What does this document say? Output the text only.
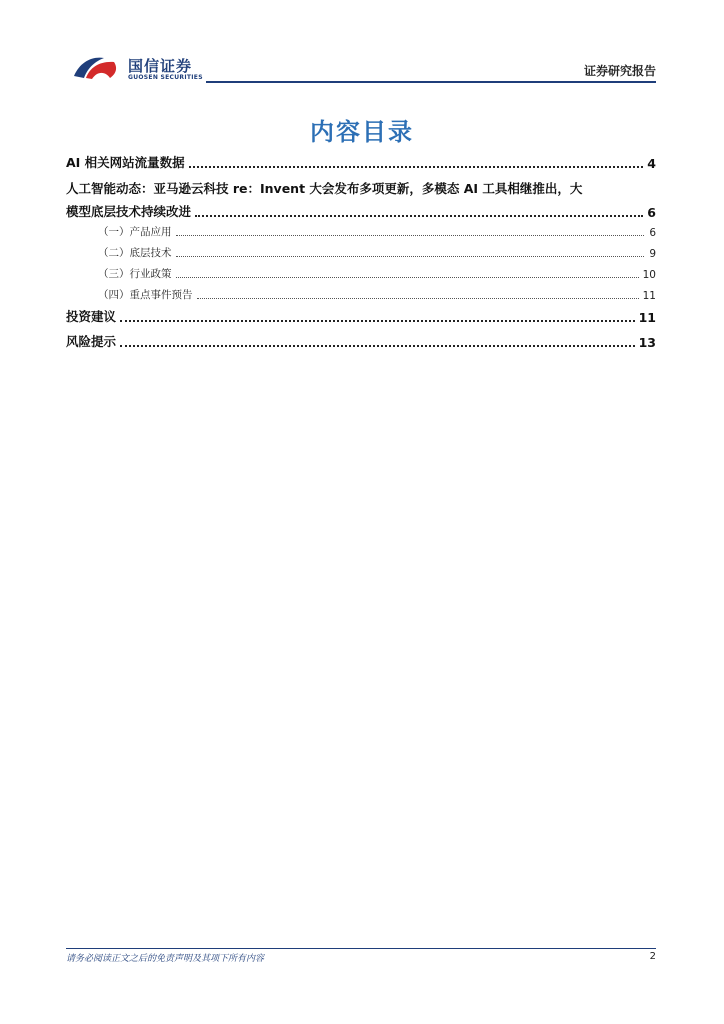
国信证券
GUOSEN SECURITIES	证券研究报告
内容目录
AI 相关网站流量数据	4
人工智能动态：亚马逊云科技 re：Invent 大会发布多项更新，多模态 AI 工具相继推出，大
模型底层技术持续改进	6
（一）产品应用	6
（二）底层技术	9
（三）行业政策	10
（四）重点事件预告	11
投资建议	11
风险提示	13
请务必阅读正文之后的免责声明及其项下所有内容	2
